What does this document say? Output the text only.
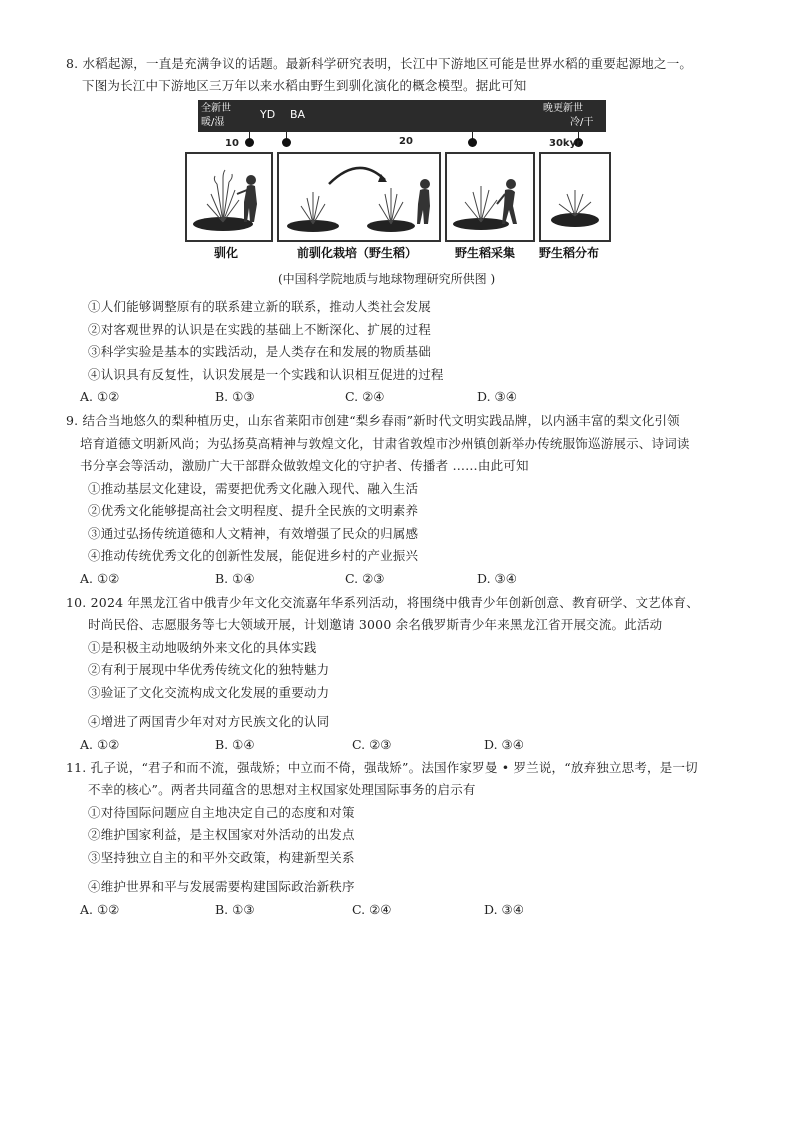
8. 水稻起源，一直是充满争议的话题。最新科学研究表明，长江中下游地区可能是世界水稻的重要起源地之一。
下图为长江中下游地区三万年以来水稻由野生到驯化演化的概念模型。据此可知
全新世
暖/湿
YD BA	晚更新世
冷/干
10	20	30kyr
驯化	前驯化栽培（野生稻）	野生稻采集 野生稻分布
(中国科学院地质与地球物理研究所供图 )
①人们能够调整原有的联系建立新的联系，推动人类社会发展
②对客观世界的认识是在实践的基础上不断深化、扩展的过程
③科学实验是基本的实践活动，是人类存在和发展的物质基础
④认识具有反复性，认识发展是一个实践和认识相互促进的过程
A. ①②	B. ①③	C. ②④	D. ③④
9. 结合当地悠久的梨种植历史，山东省莱阳市创建“梨乡春雨”新时代文明实践品牌，以内涵丰富的梨文化引领
培育道德文明新风尚；为弘扬莫高精神与敦煌文化，甘肃省敦煌市沙州镇创新举办传统服饰巡游展示、诗词读
书分享会等活动，激励广大干部群众做敦煌文化的守护者、传播者 ……由此可知
①推动基层文化建设，需要把优秀文化融入现代、融入生活
②优秀文化能够提高社会文明程度、提升全民族的文明素养
③通过弘扬传统道德和人文精神，有效增强了民众的归属感
④推动传统优秀文化的创新性发展，能促进乡村的产业振兴
A. ①②	B. ①④	C. ②③	D. ③④
10. 2024 年黑龙江省中俄青少年文化交流嘉年华系列活动，将围绕中俄青少年创新创意、教育研学、文艺体育、
时尚民俗、志愿服务等七大领域开展，计划邀请 3000 余名俄罗斯青少年来黑龙江省开展交流。此活动
①是积极主动地吸纳外来文化的具体实践
②有利于展现中华优秀传统文化的独特魅力
③验证了文化交流构成文化发展的重要动力
④增进了两国青少年对对方民族文化的认同
A. ①②	B. ①④	C. ②③	D. ③④
11. 孔子说，“君子和而不流，强哉矫；中立而不倚，强哉矫”。法国作家罗曼 • 罗兰说，“放弃独立思考，是一切
不幸的核心”。两者共同蕴含的思想对主权国家处理国际事务的启示有
①对待国际问题应自主地决定自己的态度和对策
②维护国家利益，是主权国家对外活动的出发点
③坚持独立自主的和平外交政策，构建新型关系
④维护世界和平与发展需要构建国际政治新秩序
A. ①②	B. ①③	C. ②④	D. ③④
